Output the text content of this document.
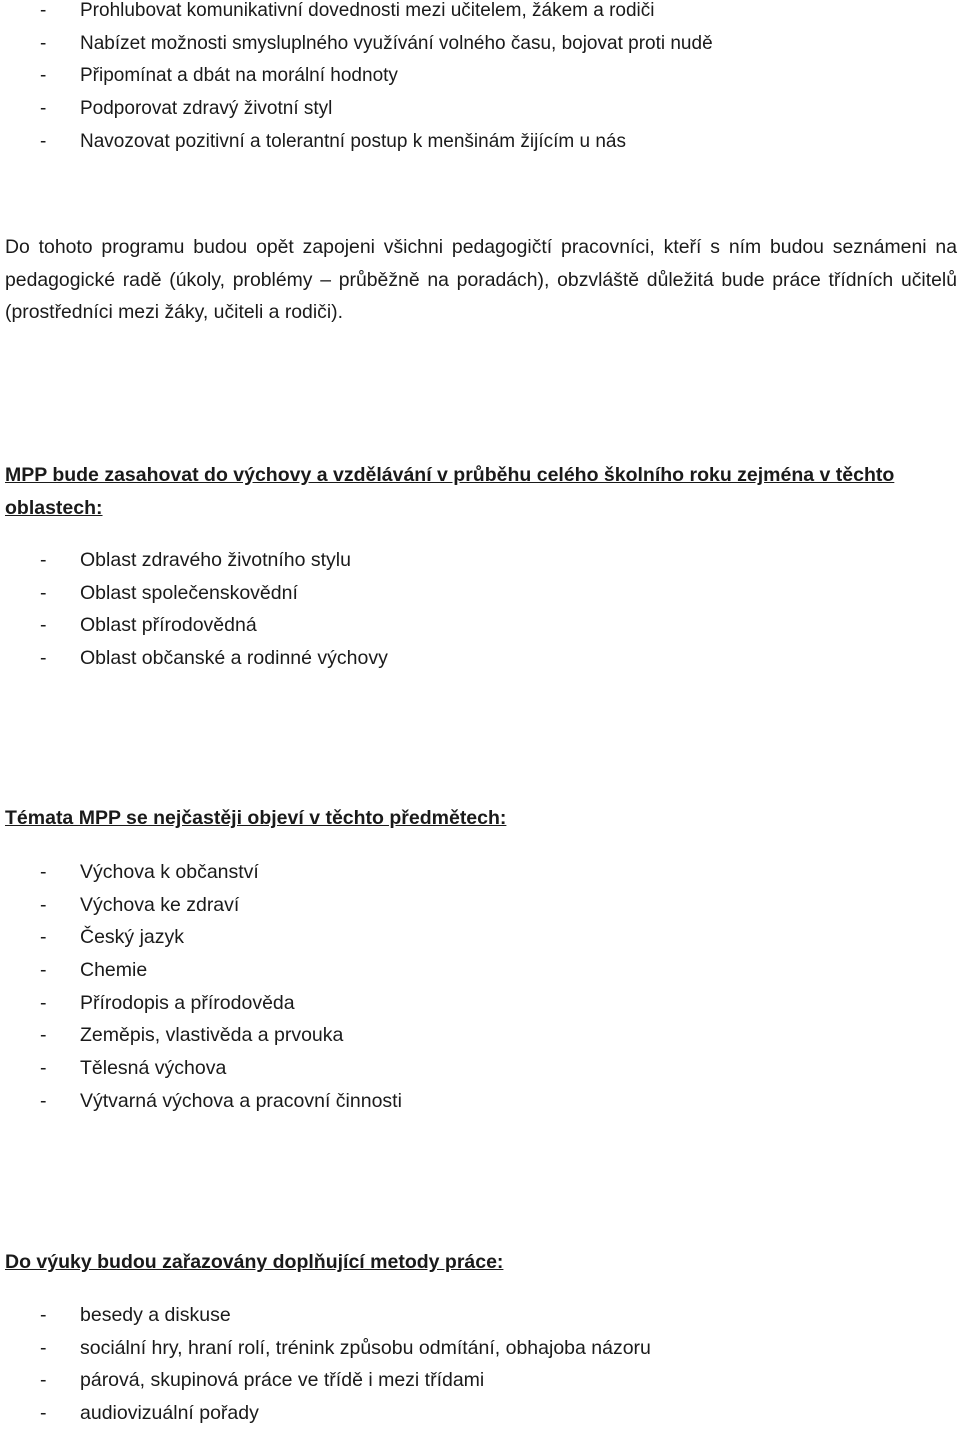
- Prohlubovat komunikativní dovednosti mezi učitelem, žákem a rodiči
- Nabízet možnosti smysluplného využívání volného času, bojovat proti nudě
- Připomínat a dbát na morální hodnoty
- Podporovat zdravý životní styl
- Navozovat pozitivní a tolerantní postup k menšinám žijícím u nás

Do tohoto programu budou opět zapojeni všichni pedagogičtí pracovníci, kteří s ním budou seznámeni na pedagogické radě (úkoly, problémy – průběžně na poradách), obzvláště důležitá bude práce třídních učitelů (prostředníci mezi žáky, učiteli a rodiči).

MPP bude zasahovat do výchovy a vzdělávání v průběhu celého školního roku zejména v těchto oblastech:
- Oblast zdravého životního stylu
- Oblast společenskovědní
- Oblast přírodovědná
- Oblast občanské a rodinné výchovy
Témata MPP se nejčastěji objeví v těchto předmětech:
- Výchova k občanství
- Výchova ke zdraví
- Český jazyk
- Chemie
- Přírodopis a přírodověda
- Zeměpis, vlastivěda a prvouka
- Tělesná výchova
- Výtvarná výchova a pracovní činnosti
Do výuky budou zařazovány doplňující metody práce:
- besedy a diskuse
- sociální hry, hraní rolí, trénink způsobu odmítání, obhajoba názoru
- párová, skupinová práce ve třídě i mezi třídami
- audiovizuální pořady
